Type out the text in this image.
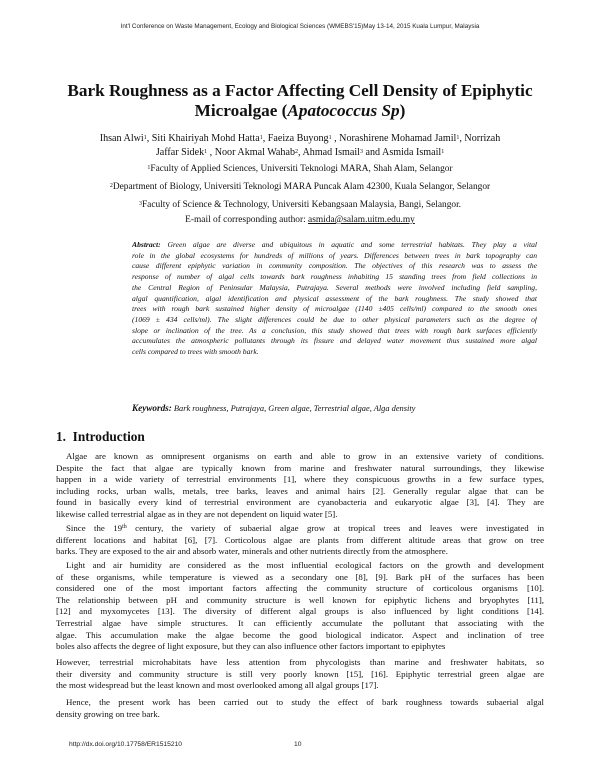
Int'l Conference on Waste Management, Ecology and Biological Sciences (WMEBS'15)May 13-14, 2015 Kuala Lumpur, Malaysia
Bark Roughness as a Factor Affecting Cell Density of Epiphytic
Microalgae (Apatococcus Sp)
Ihsan Alwi$^1$, Siti Khairiyah Mohd Hatta$^1$, Faeiza Buyong$^1$ , Norashirene Mohamad Jamil$^1$, Norrizah
Jaffar Sidek$^1$ , Noor Akmal Wahab$^2$, Ahmad Ismail$^3$ and Asmida Ismail$^1$
$^1$Faculty of Applied Sciences, Universiti Teknologi MARA, Shah Alam, Selangor
$^2$Department of Biology, Universiti Teknologi MARA Puncak Alam 42300, Kuala Selangor, Selangor
$^3$Faculty of Science & Technology, Universiti Kebangsaan Malaysia, Bangi, Selangor.
E-mail of corresponding author: asmida@salam.uitm.edu.my
Abstract: Green algae are diverse and ubiquitous in aquatic and some terrestrial habitats. They play a vital
role in the global ecosystems for hundreds of millions of years. Differences between trees in bark topography can
cause different epiphytic variation in community composition. The objectives of this research was to assess the
response of number of algal cells towards bark roughness inhabiting 15 standing trees from field collections in
the Central Region of Peninsular Malaysia, Putrajaya. Several methods were involved including field sampling,
algal quantification, algal identification and physical assessment of the bark roughness. The study showed that
trees with rough bark sustained higher density of microalgae (1140 ±405 cells/ml) compared to the smooth ones
(1069 ± 434 cells/ml). The slight differences could be due to other physical parameters such as the degree of
slope or inclination of the tree. As a conclusion, this study showed that trees with rough bark surfaces efficiently
accumulates the atmospheric pollutants through its fissure and delayed water movement thus sustained more algal
cells compared to trees with smooth bark.
Keywords: Bark roughness, Putrajaya, Green algae, Terrestrial algae, Alga density
1. Introduction
Algae are known as omnipresent organisms on earth and able to grow in an extensive variety of conditions.
Despite the fact that algae are typically known from marine and freshwater natural surroundings, they likewise
happen in a wide variety of terrestrial environments [1], where they conspicuous growths in a few surface types,
including rocks, urban walls, metals, tree barks, leaves and animal hairs [2]. Generally regular algae that can be
found in basically every kind of terrestrial environment are cyanobacteria and eukaryotic algae [3], [4]. They are
likewise called terrestrial algae as in they are not dependent on liquid water [5].
Since the 19th century, the variety of subaerial algae grow at tropical trees and leaves were investigated in
different locations and habitat [6], [7]. Corticolous algae are plants from different altitude areas that grow on tree
barks. They are exposed to the air and absorb water, minerals and other nutrients directly from the atmosphere.
Light and air humidity are considered as the most influential ecological factors on the growth and development
of these organisms, while temperature is viewed as a secondary one [8], [9]. Bark pH of the surfaces has been
considered one of the most important factors affecting the community structure of corticolous organisms [10].
The relationship between pH and community structure is well known for epiphytic lichens and bryophytes [11],
[12] and myxomycetes [13]. The diversity of different algal groups is also influenced by light conditions [14].
Terrestrial algae have simple structures. It can efficiently accumulate the pollutant that associating with the
algae. This accumulation make the algae become the good biological indicator. Aspect and inclination of tree
boles also affects the degree of light exposure, but they can also influence other factors important to epiphytes
However, terrestrial microhabitats have less attention from phycologists than marine and freshwater habitats, so
their diversity and community structure is still very poorly known [15], [16]. Epiphytic terrestrial green algae are
the most widespread but the least known and most overlooked among all algal groups [17].
Hence, the present work has been carried out to study the effect of bark roughness towards subaerial algal
density growing on tree bark.
http://dx.doi.org/10.17758/ER1515210	10
